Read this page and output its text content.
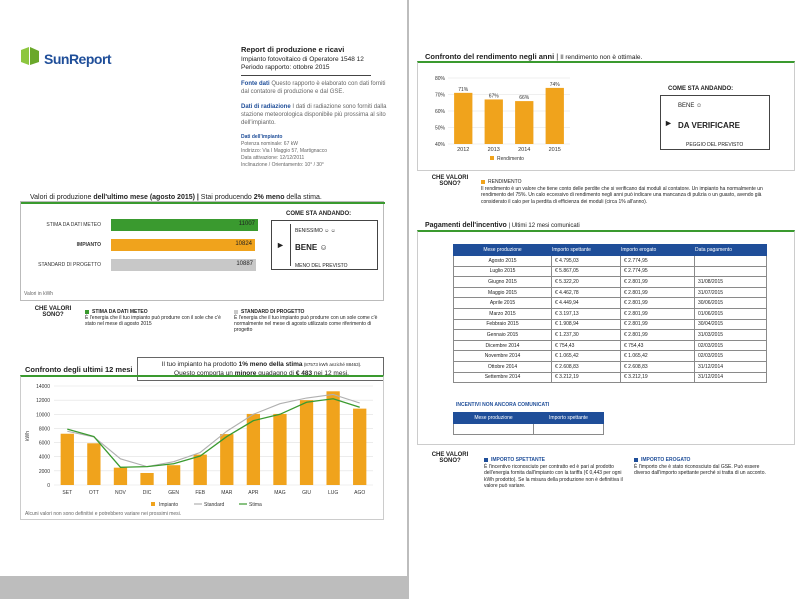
SunReport
Report di produzione e ricavi
Impianto fotovoltaico di Operatore 1548 12
Periodo rapporto: ottobre 2015
Fonte dati Questo rapporto è elaborato con dati forniti dal contatore di produzione e dal GSE.
Dati di radiazione I dati di radiazione sono forniti dalla stazione meteorologica disponibile più prossima al sito dell'impianto.
Dati dell'impianto
Potenza nominale: 67 kW
Indirizzo: Via I Maggio 57, Martignacco
Data attivazione: 12/12/2011
Inclinazione / Orientamento: 10° / 30°
Valori di produzione dell'ultimo mese (agosto 2015) | Stai producendo 2% meno della stima.
STIMA DA DATI METEO	11007
IMPIANTO	10824
STANDARD DI PROGETTO	10887
Valori in kWh
COME STA ANDANDO:
BENISSIMO ☺ ☺
► BENE ☺
MENO DEL PREVISTO
CHE VALORI SONO?	STIMA DA DATI METEO
È l'energia che il tuo impianto può produrre con il sole che c'è stato nel mese di agosto 2015
STANDARD DI PROGETTO
È l'energia che il tuo impianto può produrre con un sole come c'è normalmente nel mese di agosto utilizzato come riferimento di progetto
Confronto degli ultimi 12 mesi
Il tuo impianto ha prodotto 1% meno della stima (87573 kWh anziché 88463).
Questo comporta un minore guadagno di € 483 nei 12 mesi.
0
2000
4000
6000
8000
10000
12000
14000
kWh
SET	OTT	NOV	DIC	GEN	FEB	MAR	APR	MAG	GIU	LUG	AGO
Impianto	Standard	Stima
Alcuni valori non sono definitivi e potrebbero variare nei prossimi mesi.
Confronto del rendimento negli anni | Il rendimento non è ottimale.
40%
50%
60%
70%
80%
71%
2012
67%
2013
66%
2014
74%
2015
Rendimento
COME STA ANDANDO:
BENE ☺
► DA VERIFICARE
PEGGIO DEL PREVISTO
CHE VALORI SONO?	RENDIMENTO
Il rendimento è un valore che tiene conto delle perdite che si verificano dai moduli al contatore. Un impianto ha normalmente un rendimento del 75%. Un calo eccessivo di rendimento negli anni può indicare una mancanza di pulizia o un guasto, avendo già considerato il calo per la perdita di efficienza dei moduli (circa 1% all'anno).
Pagamenti dell'incentivo | Ultimi 12 mesi comunicati
Mese produzione	Importo spettante	Importo erogato	Data pagamento
Agosto 2015	€ 4.795,03	€ 2.774,95	
Luglio 2015	€ 5.867,05	€ 2.774,95	
Giugno 2015	€ 5.322,20	€ 2.801,99	31/08/2015
Maggio 2015	€ 4.462,78	€ 2.801,99	31/07/2015
Aprile 2015	€ 4.449,94	€ 2.801,99	30/06/2015
Marzo 2015	€ 3.197,13	€ 2.801,99	01/06/2015
Febbraio 2015	€ 1.908,94	€ 2.801,99	30/04/2015
Gennaio 2015	€ 1.237,30	€ 2.801,99	31/03/2015
Dicembre 2014	€ 754,43	€ 754,43	02/03/2015
Novembre 2014	€ 1.065,42	€ 1.065,42	02/03/2015
Ottobre 2014	€ 2.608,83	€ 2.608,83	31/12/2014
Settembre 2014	€ 3.212,19	€ 3.212,19	31/12/2014
INCENTIVI NON ANCORA COMUNICATI
Mese produzione	Importo spettante

CHE VALORI SONO?	IMPORTO SPETTANTE
È l'incentivo riconosciuto per contratto ed è pari al prodotto dell'energia fornita dall'impianto con la tariffa (€ 0,443 per ogni kWh prodotto). Se la misura della produzione non è definitiva il valore può variare.
IMPORTO EROGATO
È l'importo che è stato riconosciuto dal GSE. Può essere diverso dall'importo spettante perché si tratta di un acconto.
